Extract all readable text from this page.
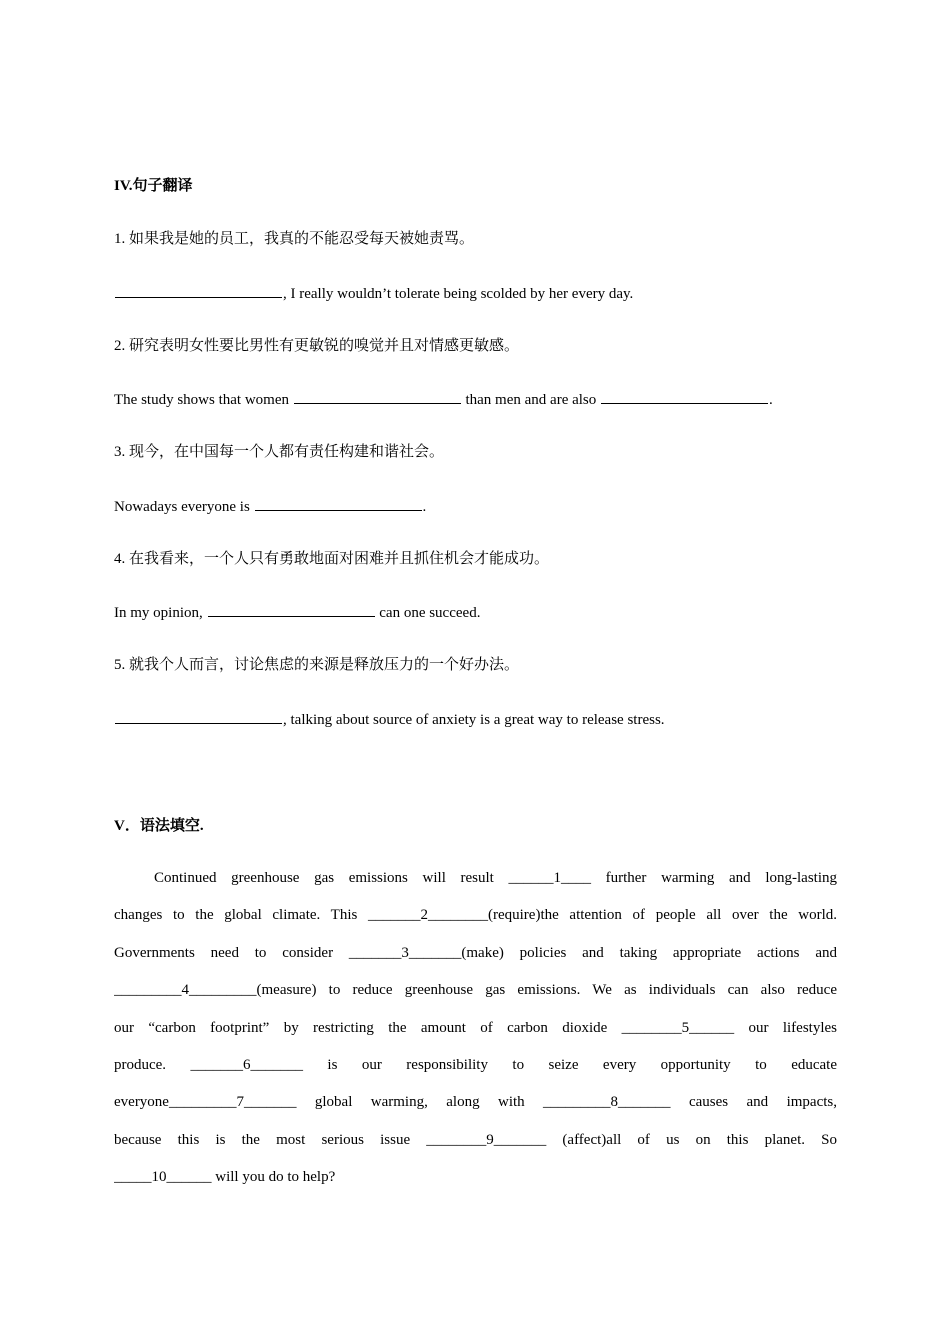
IV.句子翻译
1. 如果我是她的员工，我真的不能忍受每天被她责骂。
, I really wouldn’t tolerate being scolded by her every day.
2. 研究表明女性要比男性有更敏锐的嗅觉并且对情感更敏感。
The study shows that women	than men and are also	.
3. 现今，在中国每一个人都有责任构建和谐社会。
Nowadays everyone is	.
4. 在我看来，一个人只有勇敢地面对困难并且抓住机会才能成功。
In my opinion,	can one succeed.
5. 就我个人而言，讨论焦虑的来源是释放压力的一个好办法。
, talking about source of anxiety is a great way to release stress.
V．语法填空.
Continued greenhouse gas emissions will result ______1____ further warming and long-lasting
changes to the global climate. This _______2________(require)the attention of people all over the world.
Governments need to consider _______3_______(make) policies and taking appropriate actions and
_________4_________(measure) to reduce greenhouse gas emissions. We as individuals can also reduce
our “carbon footprint” by restricting the amount of carbon dioxide ________5______ our lifestyles
produce. _______6_______ is our responsibility to seize every opportunity to educate
everyone_________7_______ global warming, along with _________8_______ causes and impacts,
because this is the most serious issue ________9_______ (affect)all of us on this planet. So
_____10______ will you do to help?
